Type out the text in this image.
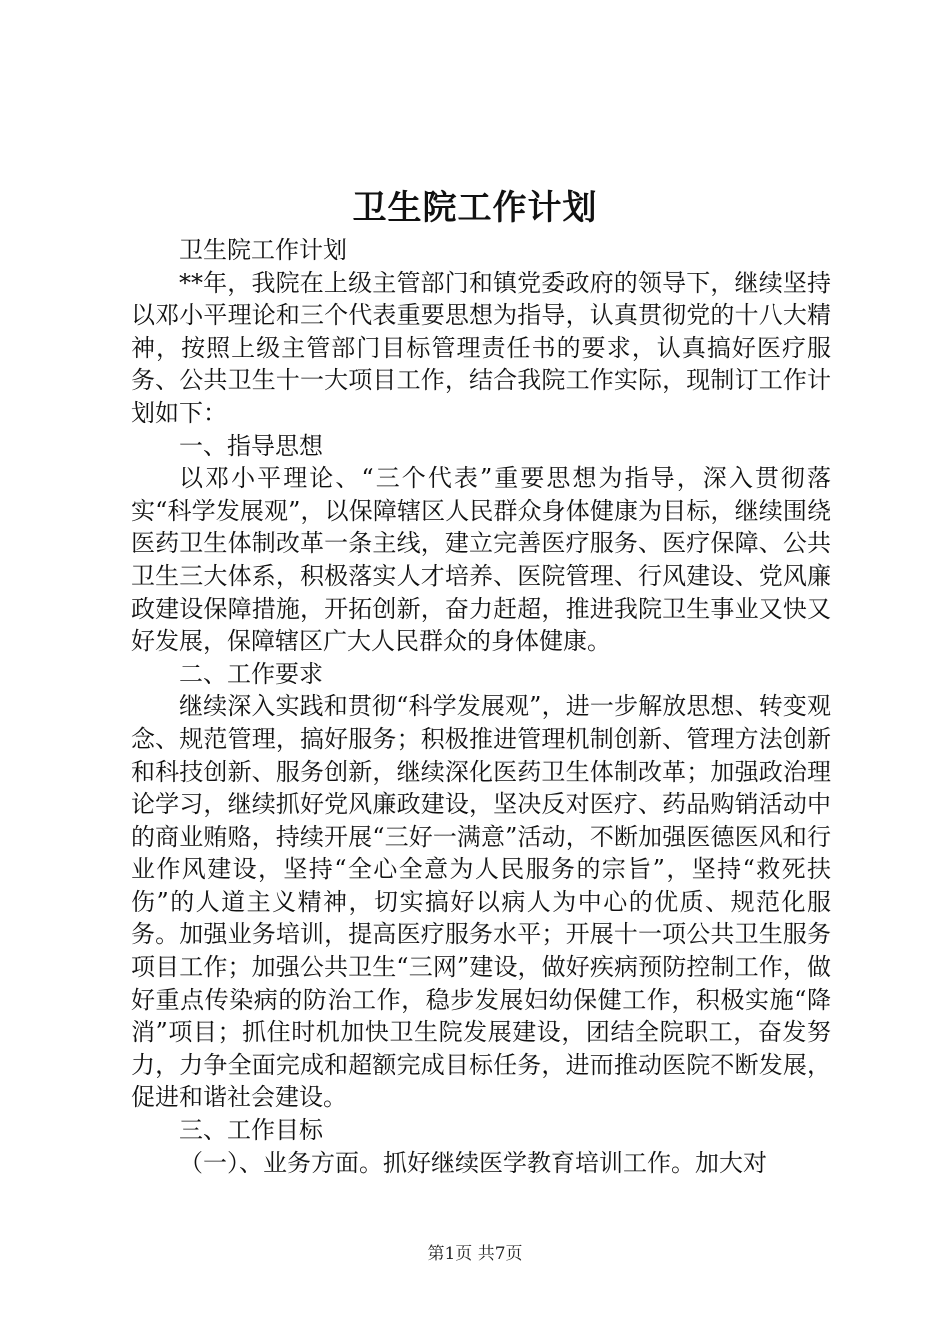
卫生院工作计划

卫生院工作计划

**年，我院在上级主管部门和镇党委政府的领导下，继续坚持以邓小平理论和三个代表重要思想为指导，认真贯彻党的十八大精神，按照上级主管部门目标管理责任书的要求，认真搞好医疗服务、公共卫生十一大项目工作，结合我院工作实际，现制订工作计划如下：

一、指导思想

以邓小平理论、“三个代表”重要思想为指导，深入贯彻落实“科学发展观”，以保障辖区人民群众身体健康为目标，继续围绕医药卫生体制改革一条主线，建立完善医疗服务、医疗保障、公共卫生三大体系，积极落实人才培养、医院管理、行风建设、党风廉政建设保障措施，开拓创新，奋力赶超，推进我院卫生事业又快又好发展，保障辖区广大人民群众的身体健康。

二、工作要求

继续深入实践和贯彻“科学发展观”，进一步解放思想、转变观念、规范管理，搞好服务；积极推进管理机制创新、管理方法创新和科技创新、服务创新，继续深化医药卫生体制改革；加强政治理论学习，继续抓好党风廉政建设，坚决反对医疗、药品购销活动中的商业贿赂，持续开展“三好一满意”活动，不断加强医德医风和行业作风建设，坚持“全心全意为人民服务的宗旨”，坚持“救死扶伤”的人道主义精神，切实搞好以病人为中心的优质、规范化服务。加强业务培训，提高医疗服务水平；开展十一项公共卫生服务项目工作；加强公共卫生“三网”建设，做好疾病预防控制工作，做好重点传染病的防治工作，稳步发展妇幼保健工作，积极实施“降消”项目；抓住时机加快卫生院发展建设，团结全院职工，奋发努力，力争全面完成和超额完成目标任务，进而推动医院不断发展，促进和谐社会建设。

三、工作目标

（一）、业务方面。抓好继续医学教育培训工作。加大对

第1页 共7页
